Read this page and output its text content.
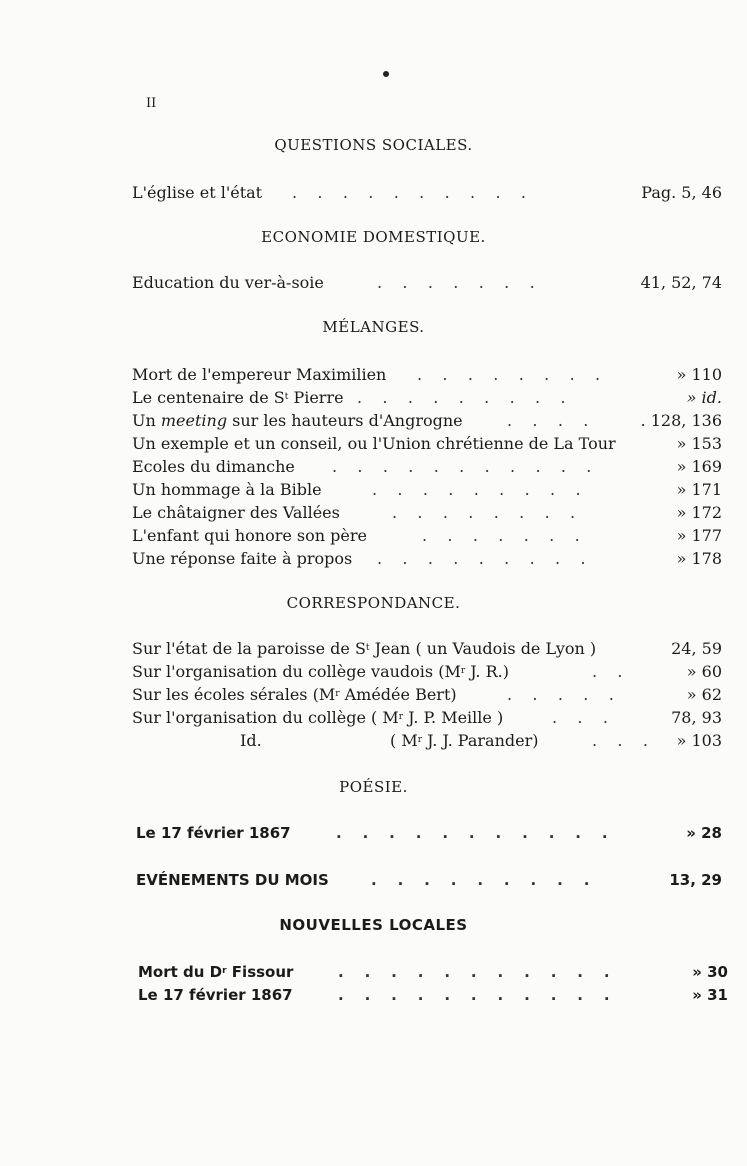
II
QUESTIONS SOCIALES.
L'église et l'état .    .    .    .    .    .    .    .    .    .	Pag. 5, 46
ECONOMIE DOMESTIQUE.
Education du ver-à-soie	.    .    .    .    .    .    .	41, 52, 74
MÉLANGES.
Mort de l'empereur Maximilien .    .    .    .    .    .    .    .	» 110
Le centenaire de $S^t$ Pierre .    .    .    .    .    .    .    .    .	» id.
Un meeting sur les hauteurs d'Angrogne	.    .    .    .	. 128, 136
Un exemple et un conseil, ou l'Union chrétienne de La Tour	» 153
Ecoles du dimanche .    .    .    .    .    .    .    .    .    .    .	» 169
Un hommage à la Bible	.    .    .    .    .    .    .    .    .	» 171
Le châtaigner des Vallées	.    .    .    .    .    .    .    .	» 172
L'enfant qui honore son père	.    .    .    .    .    .    .	» 177
Une réponse faite à propos .    .    .    .    .    .    .    .    .	» 178
CORRESPONDANCE.
Sur l'état de la paroisse de $S^t$ Jean ( un Vaudois de Lyon )	24, 59
Sur l'organisation du collège vaudois ($M^r$ J. R.)	.    .	» 60
Sur les écoles sérales ($M^r$ Amédée Bert)	.    .    .    .    .	» 62
Sur l'organisation du collège ( $M^r$ J. P. Meille )	.    .    .	78, 93
Id.	( $M^r$ J. J. Parander)	.    .    . » 103
POÉSIE.
Le 17 février 1867	.    .    .    .    .    .    .    .    .    .    .	» 28
EVÉNEMENTS DU MOIS	.    .    .    .    .    .    .    .    .	13, 29
NOUVELLES LOCALES
Mort du $D^r$ Fissour	.    .    .    .    .    .    .    .    .    .    .	» 30
Le 17 février 1867	.    .    .    .    .    .    .    .    .    .    .	» 31
